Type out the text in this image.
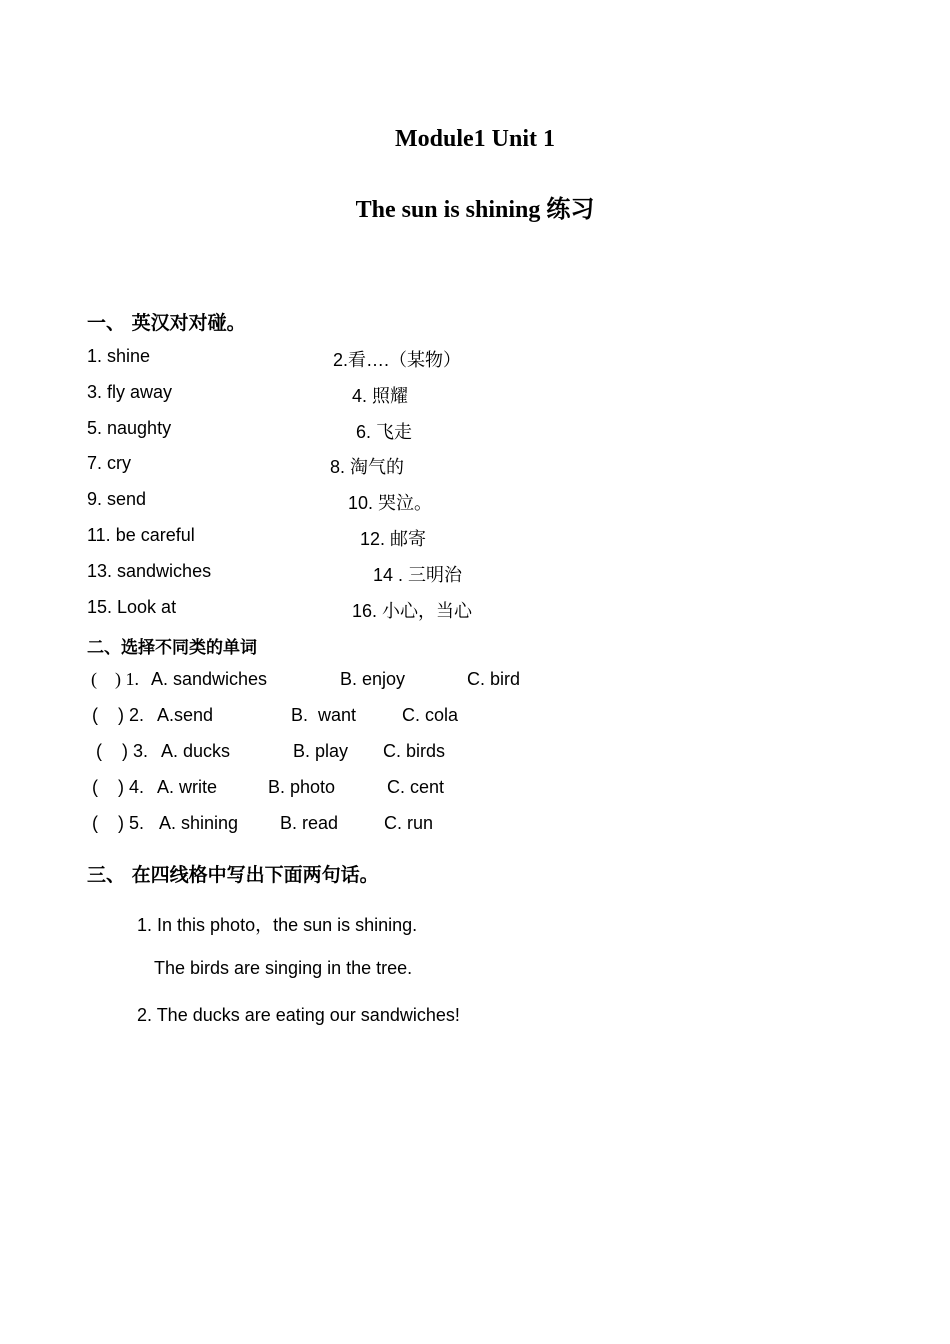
Module1 Unit 1
The sun is shining 练习
一、 英汉对对碰。
1. shine	2.看….（某物）
3. fly away	4. 照耀
5. naughty	6. 飞走
7. cry	8. 淘气的
9. send	10. 哭泣。
11. be careful	12. 邮寄
13. sandwiches	14 . 三明治
15. Look at	16. 小心，当心
二、选择不同类的单词
(    ) 1. A. sandwiches	B. enjoy	C. bird
(    ) 2. A.send	B.  want	C. cola
(    ) 3. A. ducks	B. play C. birds
(    ) 4. A. write	B. photo	C. cent
(    ) 5. A. shining B. read	C. run
三、 在四线格中写出下面两句话。
1. In this photo，the sun is shining.
The birds are singing in the tree.
2. The ducks are eating our sandwiches!
